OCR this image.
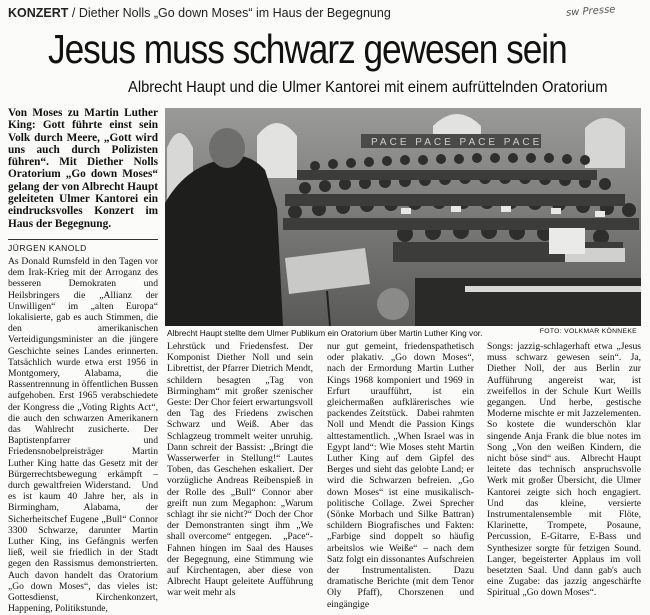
KONZERT / Diether Nolls „Go down Moses“ im Haus der Begegnung	sw Presse
Jesus muss schwarz gewesen sein
Albrecht Haupt und die Ulmer Kantorei mit einem aufrüttelnden Oratorium
Von Moses zu Martin Luther King: Gott führte einst sein Volk durch Meere, „Gott wird uns auch durch Polizisten führen“. Mit Diether Nolls Oratorium „Go down Moses“ gelang der von Albrecht Haupt geleiteten Ulmer Kantorei ein eindrucksvolles Konzert im Haus der Begegnung.
JÜRGEN KANOLD
As Donald Rumsfeld in den Tagen vor dem Irak-Krieg mit der Arroganz des besseren Demokraten und Heilsbringers die „Allianz der Unwilligen“ im „alten Europa“ lokalisierte, gab es auch Stimmen, die den amerikanischen Verteidigungsminister an die jüngere Geschichte seines Landes erinnerten. Tatsächlich wurde etwa erst 1956 in Montgomery, Alabama, die Rassentrennung in öffentlichen Bussen aufgehoben. Erst 1965 verabschiedete der Kongress die „Voting Rights Act“, die auch den schwarzen Amerikanern das Wahlrecht zusicherte. Der Baptistenpfarrer und Friedensnobelpreisträger Martin Luther King hatte das Gesetz mit der Bürgerrechtsbewegung erkämpft – durch gewaltfreien Widerstand.   Und es ist kaum 40 Jahre her, als in Birmingham, Alabama, der Sicherheitschef Eugene „Bull“ Connor 3300 Schwarze, darunter Martin Luther King, ins Gefängnis werfen ließ, weil sie friedlich in der Stadt gegen den Rassismus demonstrierten. Auch davon handelt das Oratorium „Go down Moses“, das vieles ist: Gottesdienst, Kirchenkonzert, Happening, Politikstunde,
Lehrstück und Friedensfest. Der Komponist Diether Noll und sein Librettist, der Pfarrer Dietrich Mendt, schildern besagten „Tag von Birmingham“ mit großer szenischer Geste: Der Chor feiert erwartungsvoll den Tag des Friedens zwischen Schwarz und Weiß. Aber das Schlagzeug trommelt weiter unruhig. Dann schreit der Bassist: „Bringt die Wasserwerfer in Stellung!“ Lautes Toben, das Geschehen eskaliert. Der vorzügliche Andreas Reibenspieß in der Rolle des „Bull“ Connor aber greift nun zum Megaphon: „Warum schlagt ihr sie nicht?“ Doch der Chor der Demonstranten singt ihm „We shall overcome“ entgegen.   „Pace“-Fahnen hingen im Saal des Hauses der Begegnung, eine Stimmung wie auf Kirchentagen, aber diese von Albrecht Haupt geleitete Aufführung war weit mehr als
nur gut gemeint, friedenspathetisch oder plakativ. „Go down Moses“, nach der Ermordung Martin Luther Kings 1968 komponiert und 1969 in Erfurt uraufführt, ist ein gleichermaßen aufklärerisches wie packendes Zeitstück.   Dabei rahmten Noll und Mendt die Passion Kings alttestamentlich. „When Israel was in Egypt land“: Wie Moses steht Martin Luther King auf dem Gipfel des Berges und sieht das gelobte Land; er wird die Schwarzen befreien. „Go down Moses“ ist eine musikalisch-politische Collage. Zwei Sprecher (Sönke Morbach und Silke Battran) schildern Biografisches und Fakten: „Farbige sind doppelt so häufig arbeitslos wie Weiße“ – nach dem Satz folgt ein dissonantes Aufschreien der Instrumentalisten. Dazu dramatische Berichte (mit dem Tenor Oly Pfaff), Chorszenen und eingängige
Songs: jazzig-schlagerhaft etwa „Jesus muss schwarz gewesen sein“. Ja, Diether Noll, der aus Berlin zur Aufführung angereist war, ist zweifellos in der Schule Kurt Weills gegangen. Und herbe, gestische Moderne mischte er mit Jazzelementen. So kostete die wunderschön klar singende Anja Frank die blue notes im Song „Von den weißen Kindern, die nicht böse sind“ aus.   Albrecht Haupt leitete das technisch anspruchsvolle Werk mit großer Übersicht, die Ulmer Kantorei zeigte sich hoch engagiert. Und das kleine, versierte Instrumentalensemble mit Flöte, Klarinette, Trompete, Posaune, Percussion, E-Gitarre, E-Bass und Synthesizer sorgte für fetzigen Sound. Langer, begeisterter Applaus im voll besetzten Saal. Und dann gab's auch eine Zugabe: das jazzig angeschärfte Spiritual „Go down Moses“.
PACE PACE PACE PACE
Albrecht Haupt stellte dem Ulmer Publikum ein Oratorium über Martin Luther King vor.	FOTO: VOLKMAR KÖNNEKE
